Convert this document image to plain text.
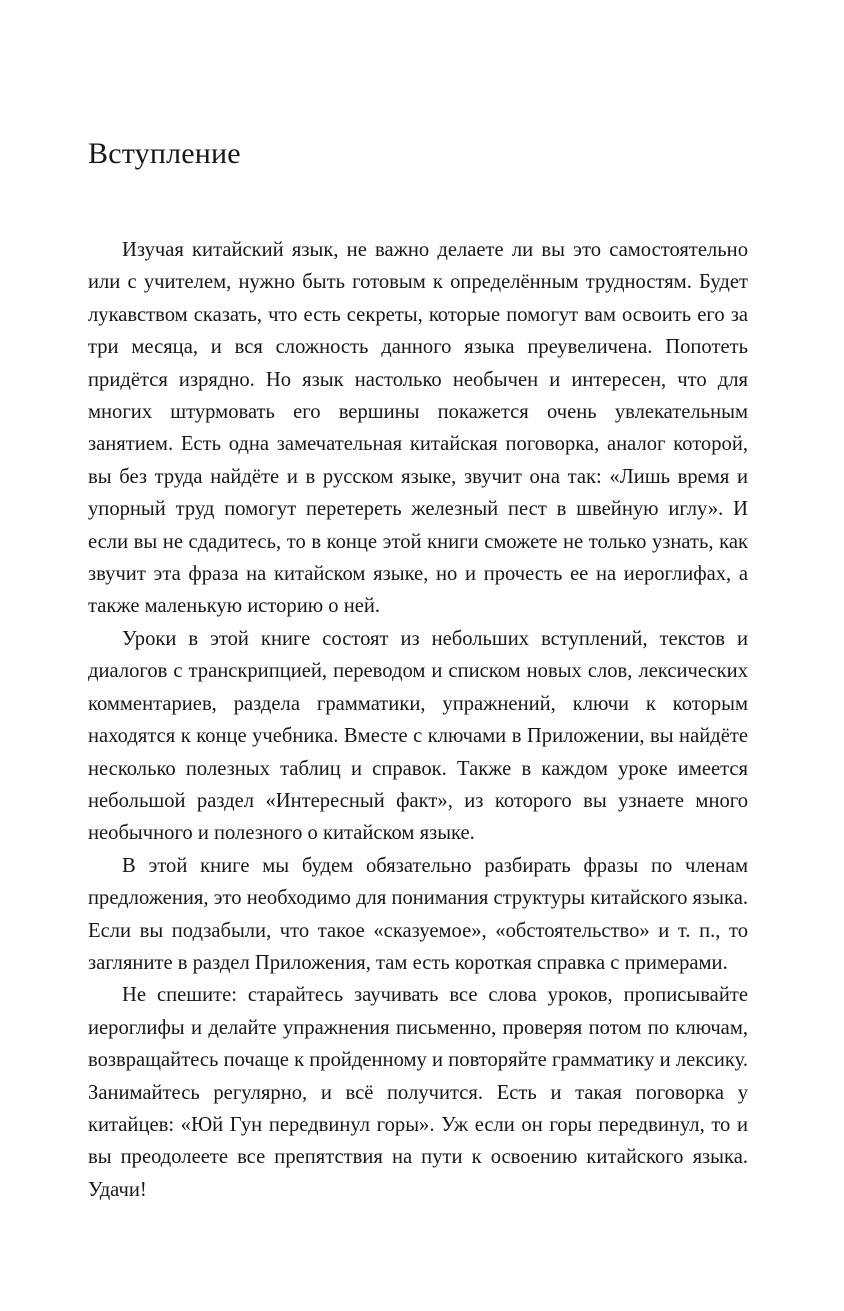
Вступление

Изучая китайский язык, не важно делаете ли вы это самостоятельно или с учителем, нужно быть готовым к определённым трудностям. Будет лукавством сказать, что есть секреты, которые помогут вам освоить его за три месяца, и вся сложность данного языка преувеличена. Попотеть придётся изрядно. Но язык настолько необычен и интересен, что для многих штурмовать его вершины покажется очень увлекательным занятием. Есть одна замечательная китайская поговорка, аналог которой, вы без труда найдёте и в русском языке, звучит она так: «Лишь время и упорный труд помогут перетереть железный пест в швейную иглу». И если вы не сдадитесь, то в конце этой книги сможете не только узнать, как звучит эта фраза на китайском языке, но и прочесть ее на иероглифах, а также маленькую историю о ней.

Уроки в этой книге состоят из небольших вступлений, текстов и диалогов с транскрипцией, переводом и списком новых слов, лексических комментариев, раздела грамматики, упражнений, ключи к которым находятся к конце учебника. Вместе с ключами в Приложении, вы найдёте несколько полезных таблиц и справок. Также в каждом уроке имеется небольшой раздел «Интересный факт», из которого вы узнаете много необычного и полезного о китайском языке.

В этой книге мы будем обязательно разбирать фразы по членам предложения, это необходимо для понимания структуры китайского языка. Если вы подзабыли, что такое «сказуемое», «обстоятельство» и т. п., то загляните в раздел Приложения, там есть короткая справка с примерами.

Не спешите: старайтесь заучивать все слова уроков, прописывайте иероглифы и делайте упражнения письменно, проверяя потом по ключам, возвращайтесь почаще к пройденному и повторяйте грамматику и лексику. Занимайтесь регулярно, и всё получится. Есть и такая поговорка у китайцев: «Юй Гун передвинул горы». Уж если он горы передвинул, то и вы преодолеете все препятствия на пути к освоению китайского языка. Удачи!
